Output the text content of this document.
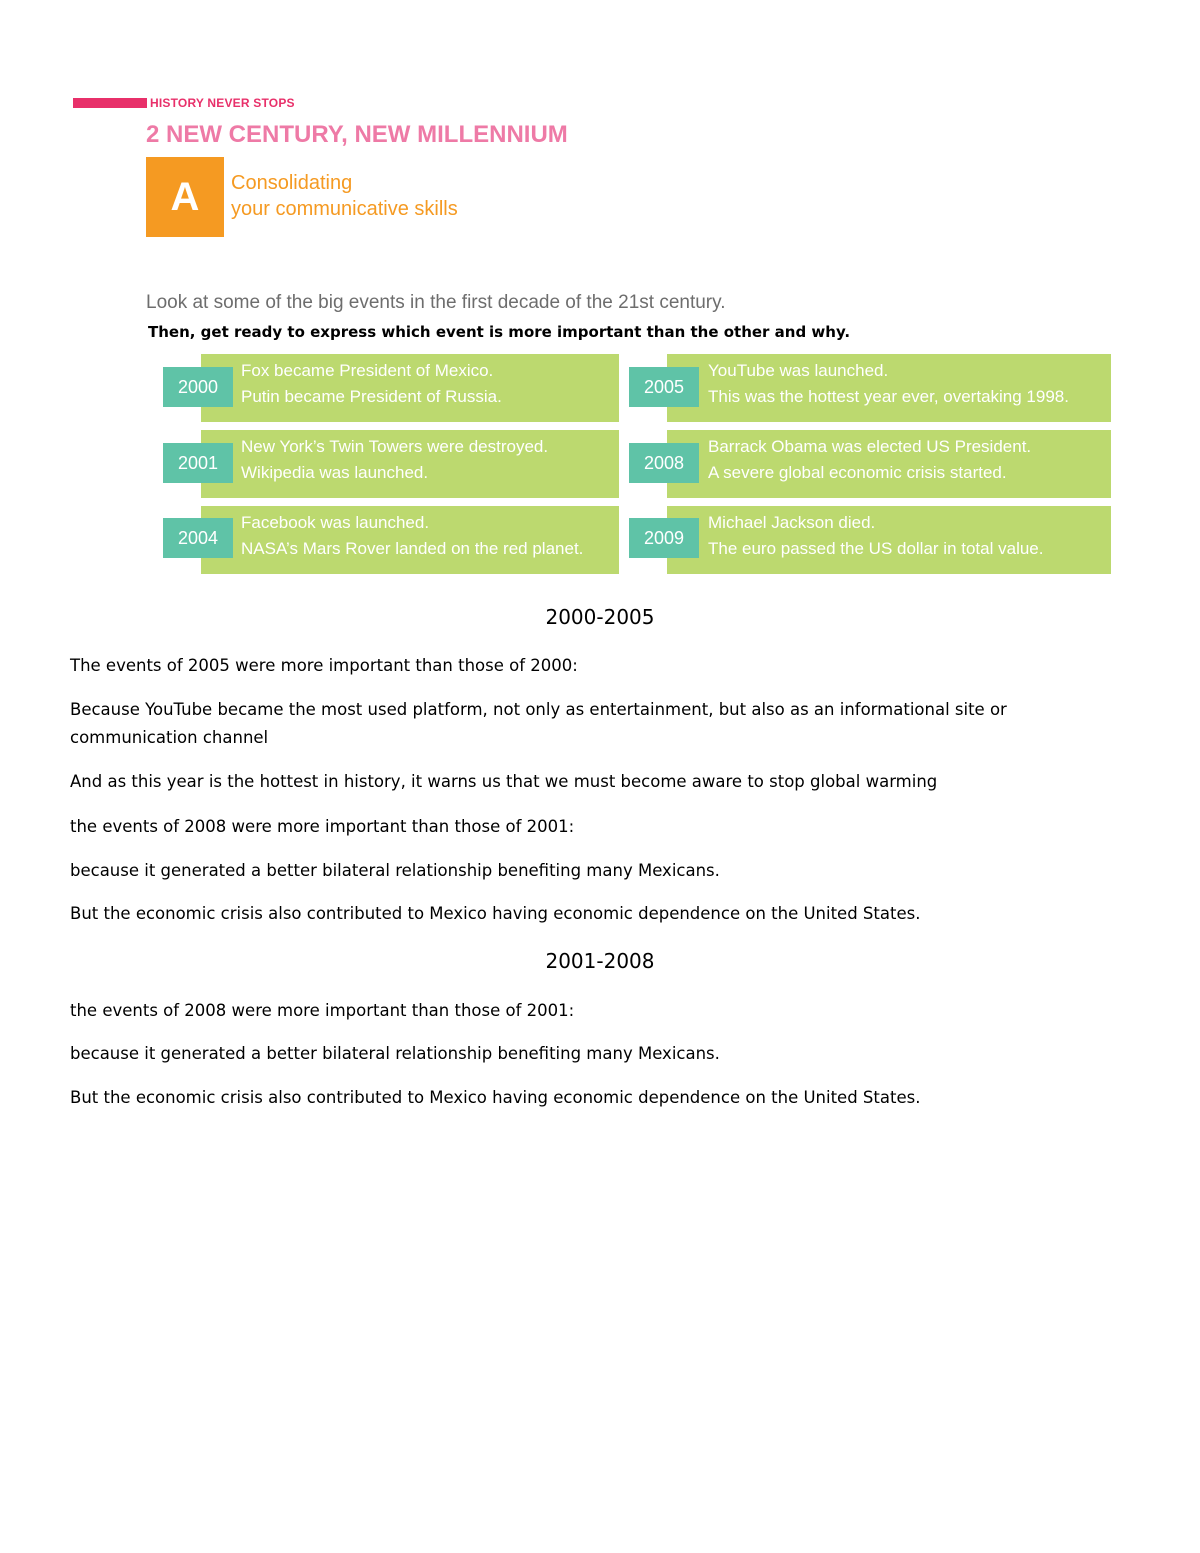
HISTORY NEVER STOPS
2 NEW CENTURY, NEW MILLENNIUM
A	Consolidating
your communicative skills
Look at some of the big events in the first decade of the 21st century.
Then, get ready to express which event is more important than the other and why.
2000
Fox became President of Mexico.
Putin became President of Russia.	2005
YouTube was launched.
This was the hottest year ever, overtaking 1998.
2001
New York’s Twin Towers were destroyed.
Wikipedia was launched.	2008
Barrack Obama was elected US President.
A severe global economic crisis started.
2004
Facebook was launched.
NASA’s Mars Rover landed on the red planet.
2009
Michael Jackson died.
The euro passed the US dollar in total value.
2000-2005
The events of 2005 were more important than those of 2000:
Because YouTube became the most used platform, not only as entertainment, but also as an informational site or communication channel
And as this year is the hottest in history, it warns us that we must become aware to stop global warming
the events of 2008 were more important than those of 2001:
because it generated a better bilateral relationship benefiting many Mexicans.
But the economic crisis also contributed to Mexico having economic dependence on the United States.
2001-2008
the events of 2008 were more important than those of 2001:
because it generated a better bilateral relationship benefiting many Mexicans.
But the economic crisis also contributed to Mexico having economic dependence on the United States.
